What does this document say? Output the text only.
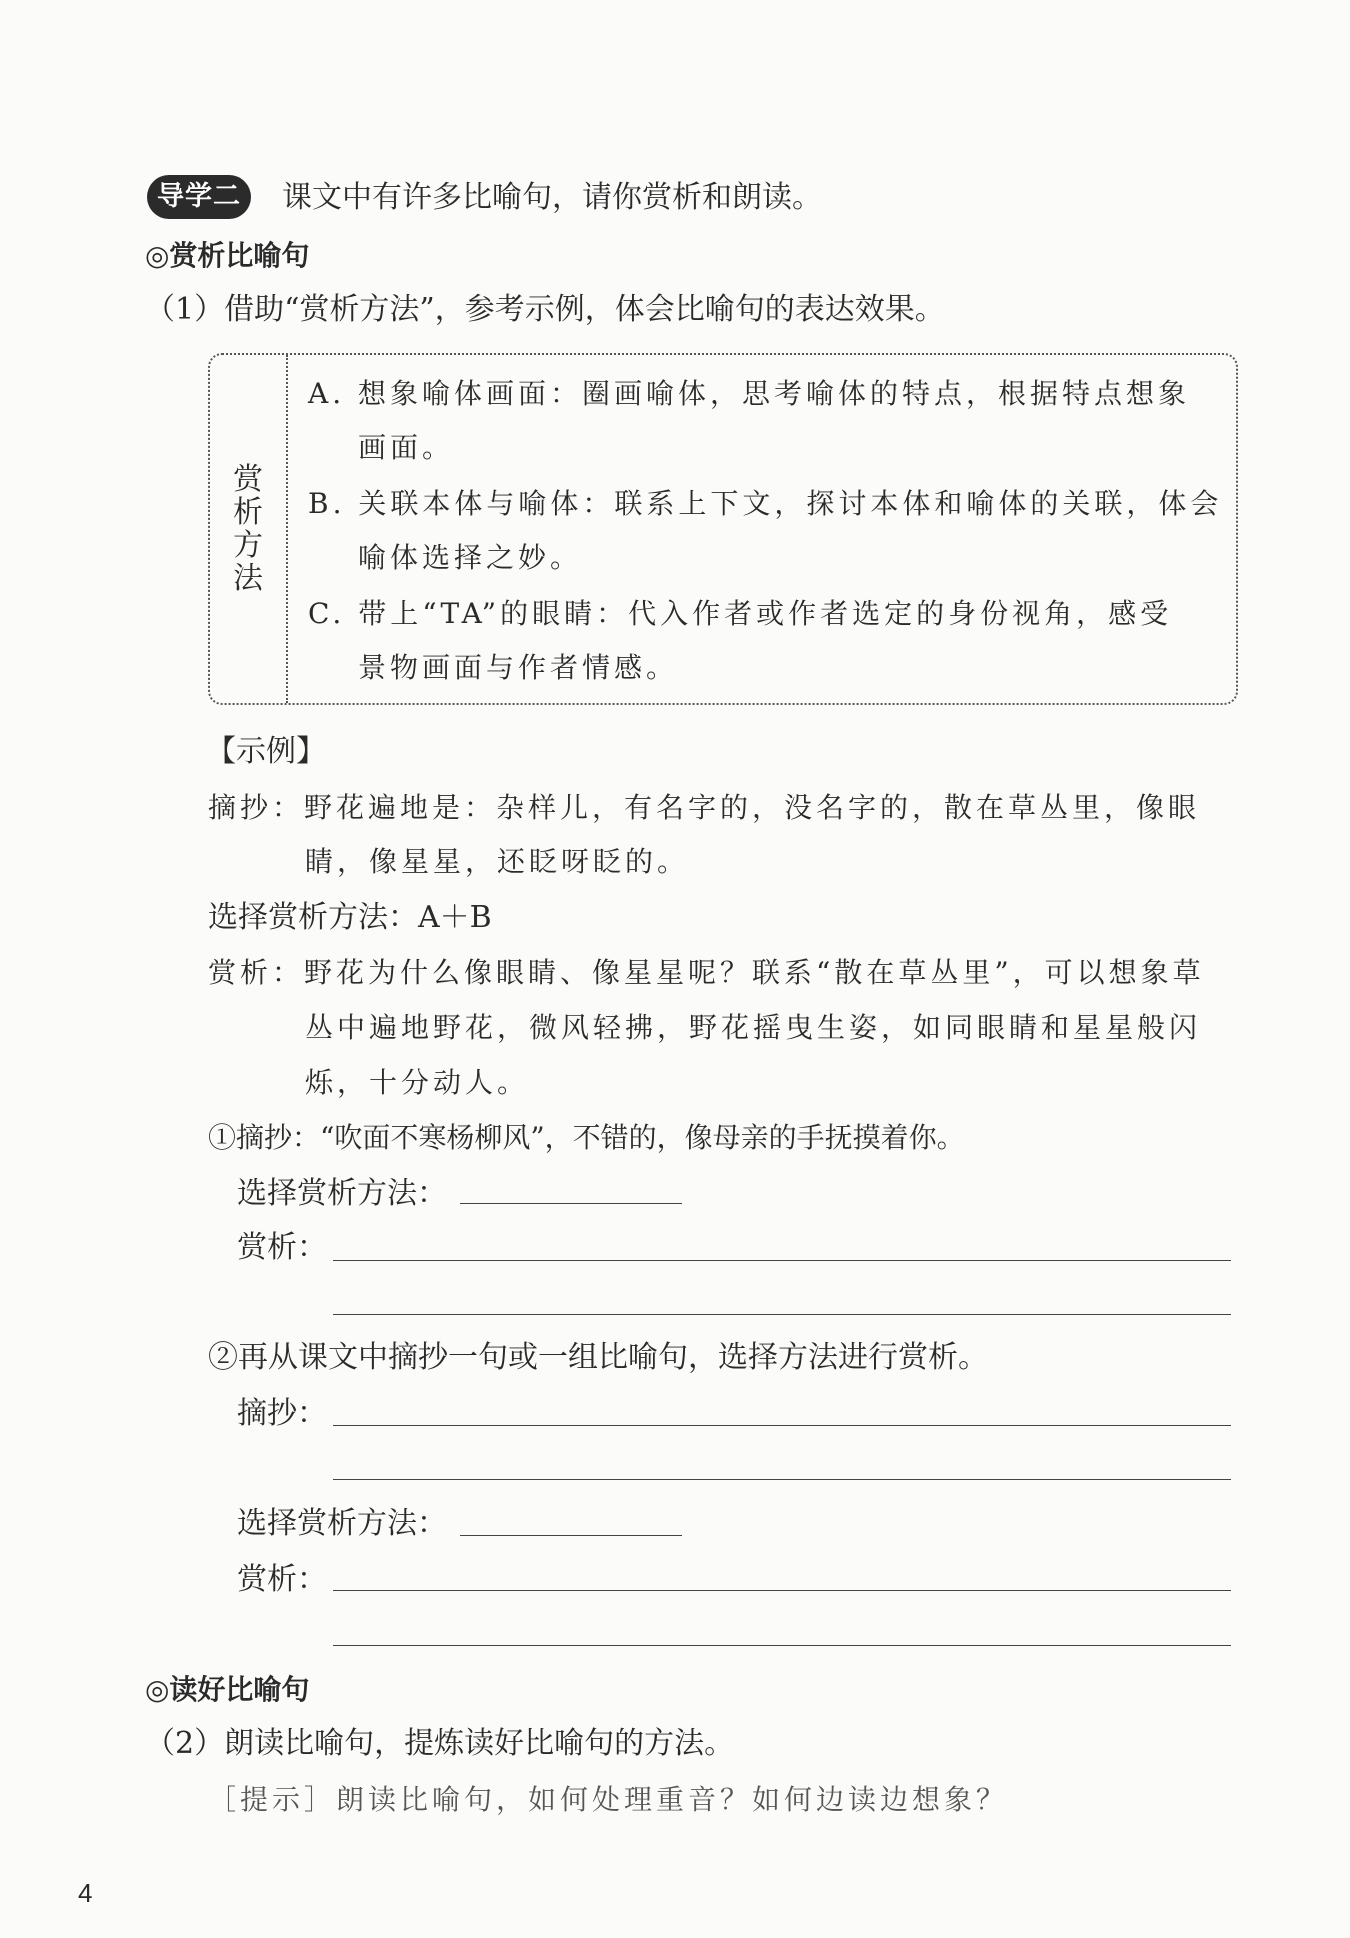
导学二	课文中有许多比喻句，请你赏析和朗读。
◎赏析比喻句
（1）借助“赏析方法”，参考示例，体会比喻句的表达效果。
赏
析
方
法
A. 想象喻体画面：圈画喻体，思考喻体的特点，根据特点想象
画面。
B. 关联本体与喻体：联系上下文，探讨本体和喻体的关联，体会
喻体选择之妙。
C. 带上“TA”的眼睛：代入作者或作者选定的身份视角，感受
景物画面与作者情感。
【示例】
摘抄：野花遍地是：杂样儿，有名字的，没名字的，散在草丛里，像眼
睛，像星星，还眨呀眨的。
选择赏析方法：A＋B
赏析：野花为什么像眼睛、像星星呢？联系“散在草丛里”，可以想象草
丛中遍地野花，微风轻拂，野花摇曳生姿，如同眼睛和星星般闪
烁，十分动人。
①摘抄：“吹面不寒杨柳风”，不错的，像母亲的手抚摸着你。
选择赏析方法：
赏析：
②再从课文中摘抄一句或一组比喻句，选择方法进行赏析。
摘抄：
选择赏析方法：
赏析：
◎读好比喻句
（2）朗读比喻句，提炼读好比喻句的方法。
［提示］朗读比喻句，如何处理重音？如何边读边想象？
4
